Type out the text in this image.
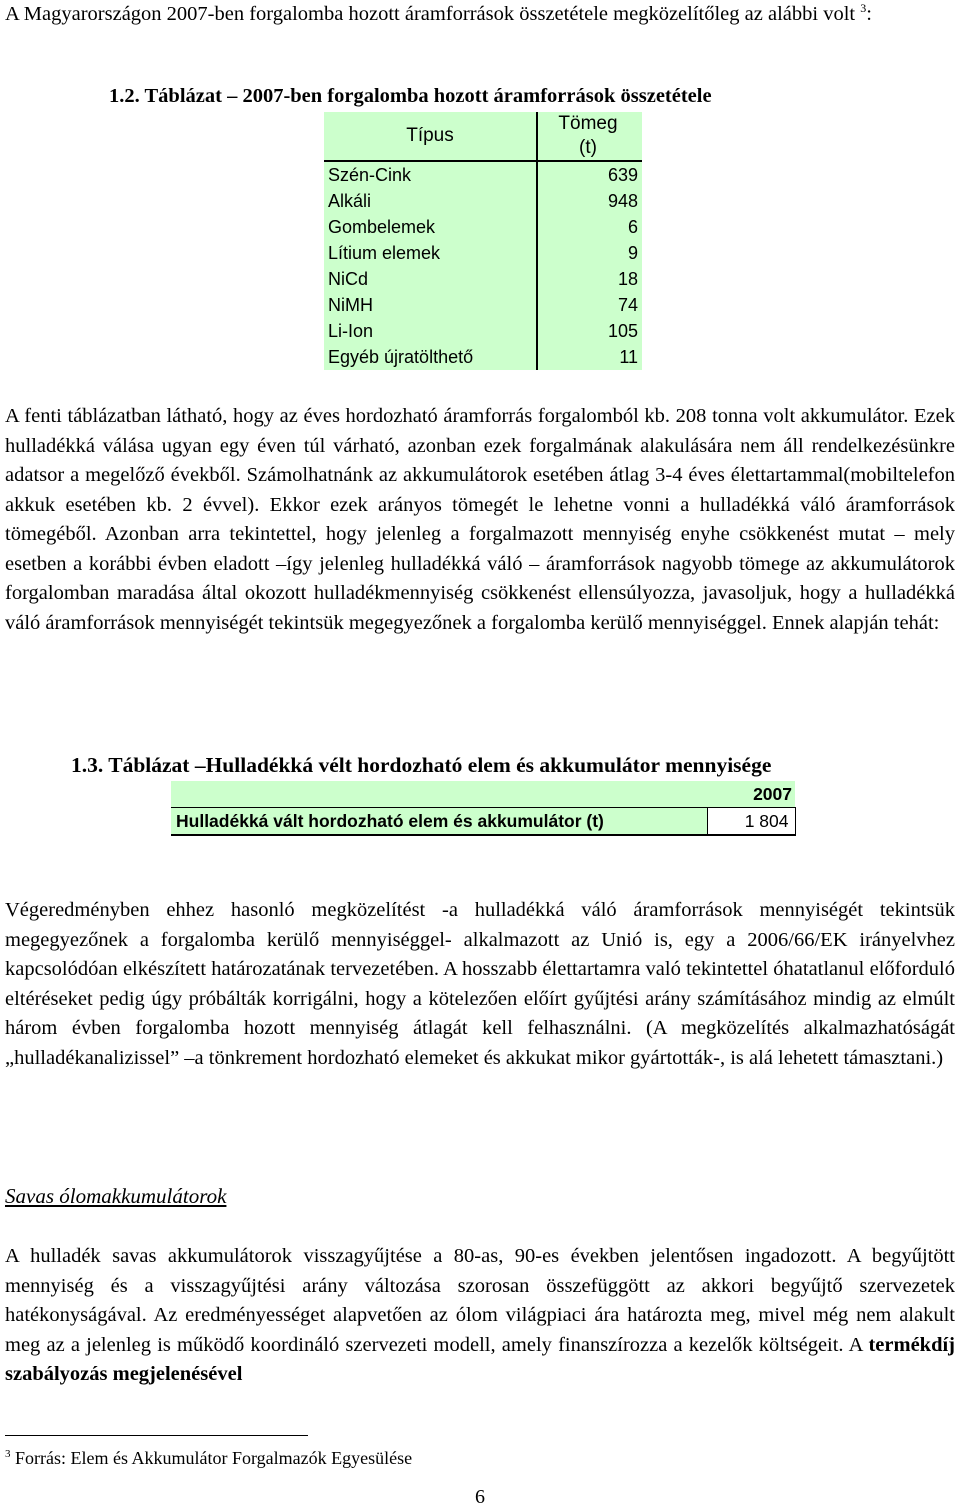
A Magyarországon 2007-ben forgalomba hozott áramforrások összetétele megközelítőleg az alábbi volt $^3$:

1.2. Táblázat – 2007-ben forgalomba hozott áramforrások összetétele
Típus	Tömeg (t)

Szén-Cink	639
Alkáli	948
Gombelemek	6
Lítium elemek	9
NiCd	18
NiMH	74
Li-Ion	105
Egyéb újratölthető	11

A fenti táblázatban látható, hogy az éves hordozható áramforrás forgalomból kb. 208 tonna volt akkumulátor. Ezek hulladékká válása ugyan egy éven túl várható, azonban ezek forgalmának alakulására nem áll rendelkezésünkre adatsor a megelőző évekből. Számolhatnánk az akkumulátorok esetében átlag 3-4 éves élettartammal(mobiltelefon akkuk esetében kb. 2 évvel). Ekkor ezek arányos tömegét le lehetne vonni a hulladékká váló áramforrások tömegéből. Azonban arra tekintettel, hogy jelenleg a forgalmazott mennyiség enyhe csökkenést mutat – mely esetben a korábbi évben eladott –így jelenleg hulladékká váló – áramforrások nagyobb tömege az akkumulátorok forgalomban maradása által okozott hulladékmennyiség csökkenést ellensúlyozza, javasoljuk, hogy a hulladékká váló áramforrások mennyiségét tekintsük megegyezőnek a forgalomba kerülő mennyiséggel. Ennek alapján tehát:

1.3. Táblázat –Hulladékká vélt hordozható elem és akkumulátor mennyisége
	2007
Hulladékká vált hordozható elem és akkumulátor (t)	1 804

Végeredményben ehhez hasonló megközelítést -a hulladékká váló áramforrások mennyiségét tekintsük megegyezőnek a forgalomba kerülő mennyiséggel- alkalmazott az Unió is, egy a 2006/66/EK irányelvhez kapcsolódóan elkészített határozatának tervezetében. A hosszabb élettartamra való tekintettel óhatatlanul előforduló eltéréseket pedig úgy próbálták korrigálni, hogy a kötelezően előírt gyűjtési arány számításához mindig az elmúlt három évben forgalomba hozott mennyiség átlagát kell felhasználni. (A megközelítés alkalmazhatóságát „hulladékanalizissel” –a tönkrement hordozható elemeket és akkukat mikor gyártották-, is alá lehetett támasztani.)

Savas ólomakkumulátorok

A hulladék savas akkumulátorok visszagyűjtése a 80-as, 90-es években jelentősen ingadozott. A begyűjtött mennyiség és a visszagyűjtési arány változása szorosan összefüggött az akkori begyűjtő szervezetek hatékonyságával. Az eredményességet alapvetően az ólom világpiaci ára határozta meg, mivel még nem alakult meg az a jelenleg is működő koordináló szervezeti modell, amely finanszírozza a kezelők költségeit. A termékdíj szabályozás megjelenésével

$^3$ Forrás: Elem és Akkumulátor Forgalmazók Egyesülése
6
